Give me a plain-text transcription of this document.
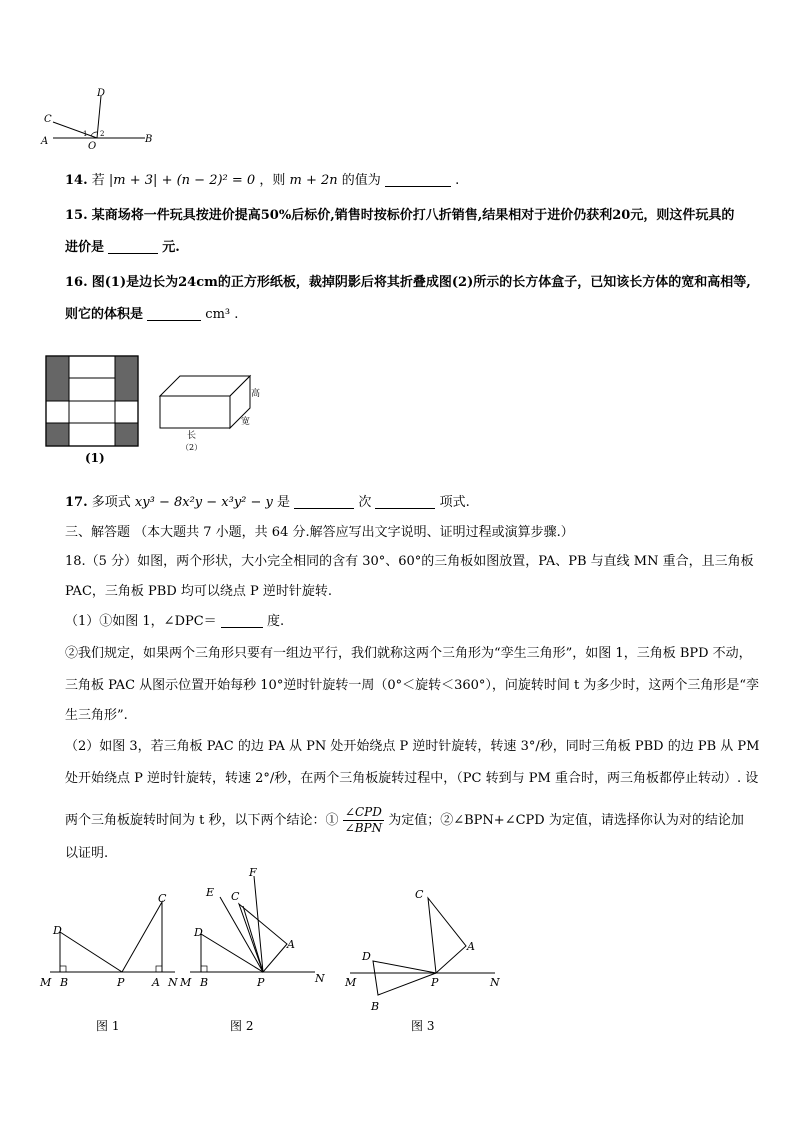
D
C
A	O
B
1 2
14. 若 |m + 3| + (n − 2)² = 0 ，则 m + 2n 的值为	.
15. 某商场将一件玩具按进价提高50%后标价,销售时按标价打八折销售,结果相对于进价仍获利20元，则这件玩具的
进价是	元.
16. 图(1)是边长为24cm的正方形纸板，裁掉阴影后将其折叠成图(2)所示的长方体盒子，已知该长方体的宽和高相等,
则它的体积是	cm³ .
(1)
高
宽
长
（2）
17. 多项式 xy³ − 8x²y − x³y² − y 是	次	项式.
三、解答题 （本大题共 7 小题，共 64 分.解答应写出文字说明、证明过程或演算步骤.）
18.（5 分）如图，两个形状，大小完全相同的含有 30°、60°的三角板如图放置，PA、PB 与直线 MN 重合，且三角板
PAC，三角板 PBD 均可以绕点 P 逆时针旋转.
（1）①如图 1，∠DPC＝	度.
②我们规定，如果两个三角形只要有一组边平行，我们就称这两个三角形为“孪生三角形”，如图 1，三角板 BPD 不动，
三角板 PAC 从图示位置开始每秒 10°逆时针旋转一周（0°＜旋转＜360°），问旋转时间 t 为多少时，这两个三角形是“孪
生三角形”.
（2）如图 3，若三角板 PAC 的边 PA 从 PN 处开始绕点 P 逆时针旋转，转速 3°/秒，同时三角板 PBD 的边 PB 从 PM
处开始绕点 P 逆时针旋转，转速 2°/秒，在两个三角板旋转过程中，（PC 转到与 PM 重合时，两三角板都停止转动）. 设
两个三角板旋转时间为 t 秒，以下两个结论：① $\frac{\text{∠CPD}}{\text{∠BPN}}$ 为定值；②∠BPN+∠CPD 为定值，请选择你认为对的结论加
以证明.
M B	P	A N
D
C
M B	P	N
D
E C
F
A
M
D
B
P
A
C
N
图 1	图 2	图 3
